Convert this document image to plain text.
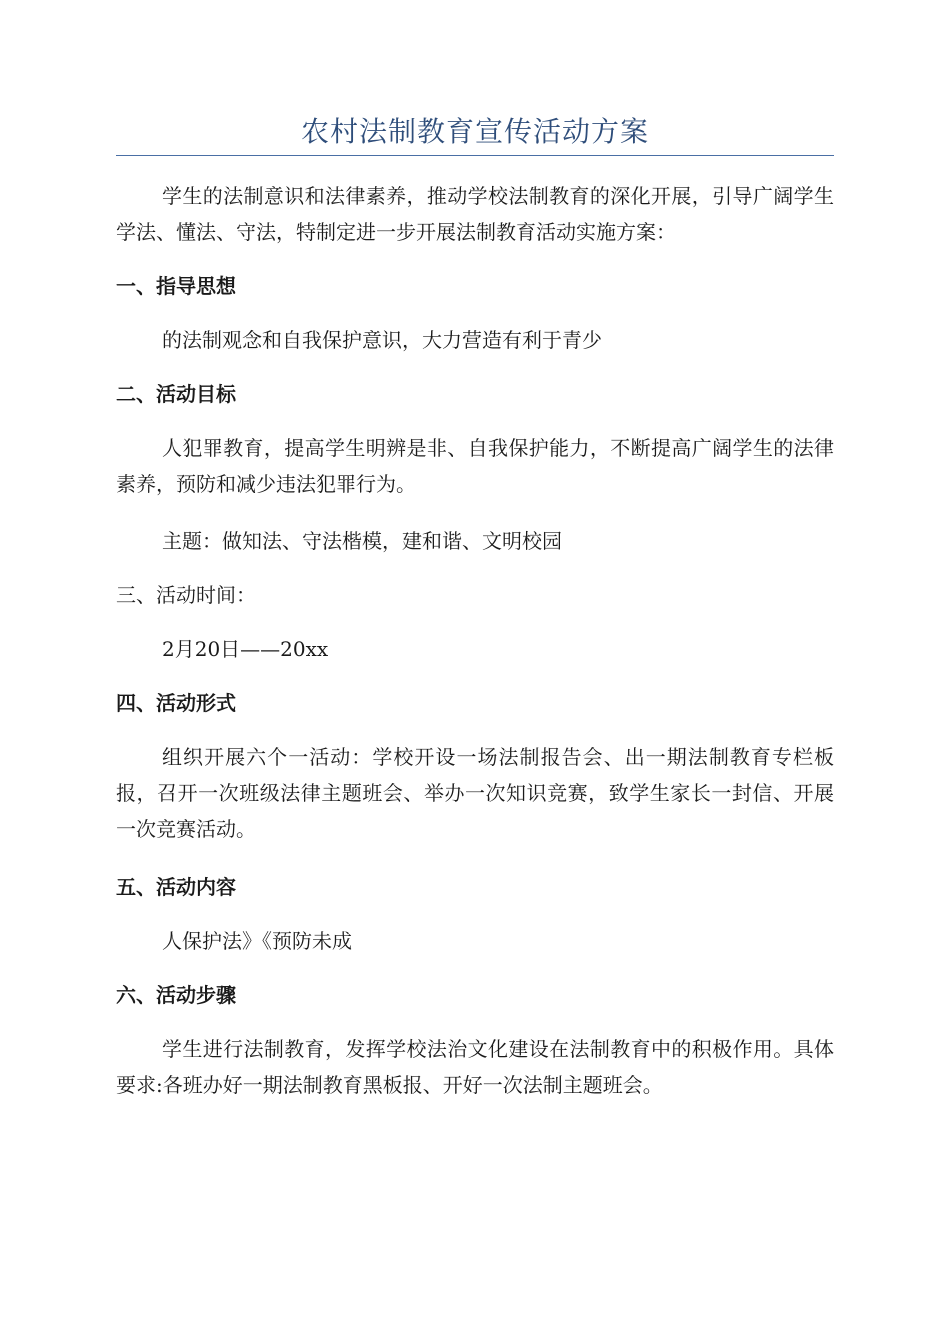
农村法制教育宣传活动方案

学生的法制意识和法律素养，推动学校法制教育的深化开展，引导广阔学生学法、懂法、守法，特制定进一步开展法制教育活动实施方案：

一、指导思想

的法制观念和自我保护意识，大力营造有利于青少

二、活动目标

人犯罪教育，提高学生明辨是非、自我保护能力，不断提高广阔学生的法律素养，预防和减少违法犯罪行为。

主题：做知法、守法楷模，建和谐、文明校园

三、活动时间：

2月20日——20xx

四、活动形式

组织开展六个一活动：学校开设一场法制报告会、出一期法制教育专栏板报，召开一次班级法律主题班会、举办一次知识竞赛，致学生家长一封信、开展一次竞赛活动。

五、活动内容

人保护法》《预防未成

六、活动步骤

学生进行法制教育，发挥学校法治文化建设在法制教育中的积极作用。具体要求:各班办好一期法制教育黑板报、开好一次法制主题班会。
